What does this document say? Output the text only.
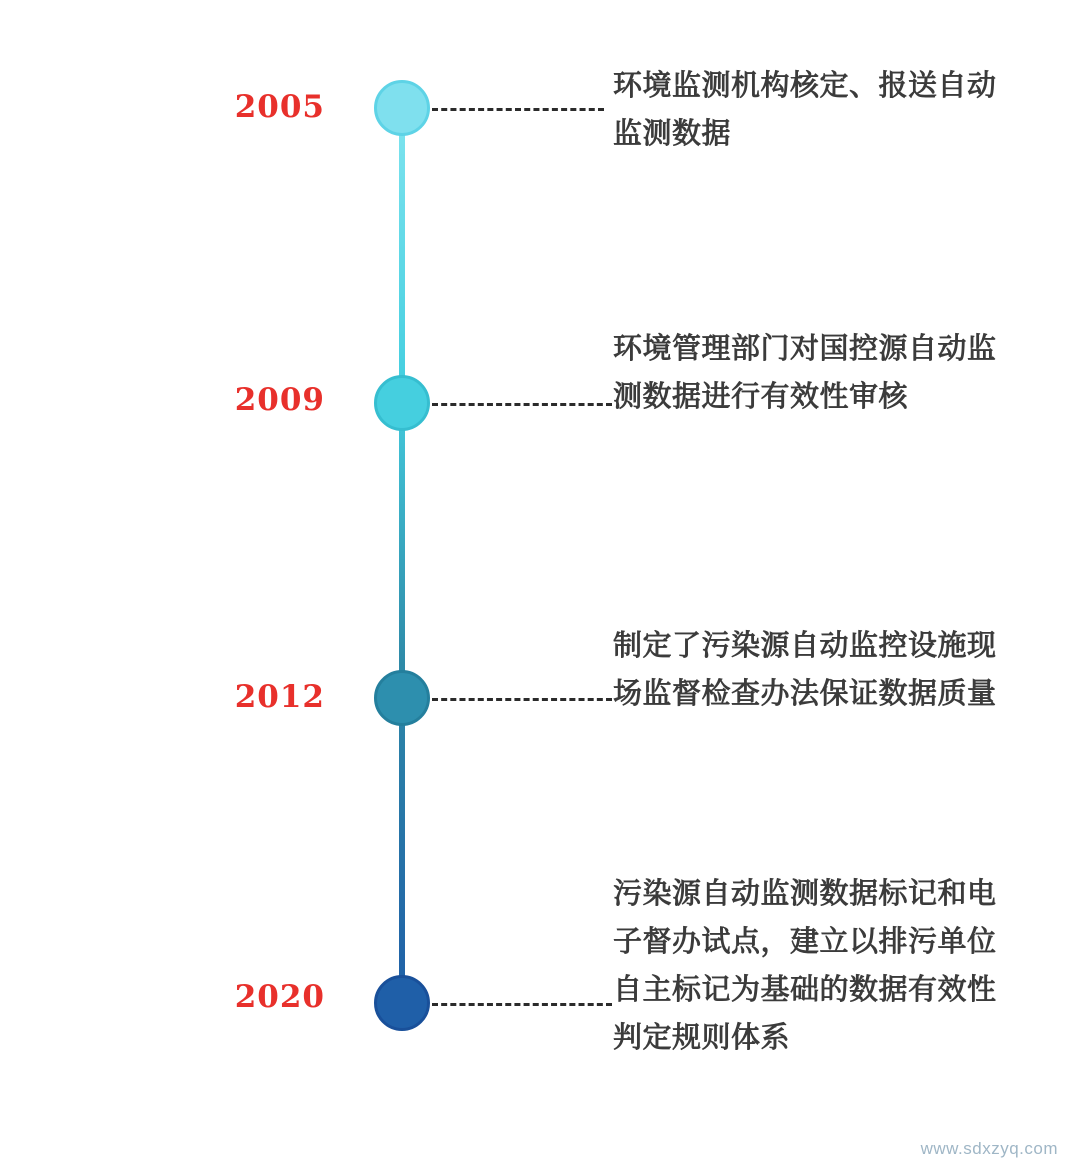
2005
环境监测机构核定、报送自动监测数据
2009
环境管理部门对国控源自动监测数据进行有效性审核
2012
制定了污染源自动监控设施现场监督检查办法保证数据质量
2020
污染源自动监测数据标记和电子督办试点，建立以排污单位自主标记为基础的数据有效性判定规则体系
www.sdxzyq.com
